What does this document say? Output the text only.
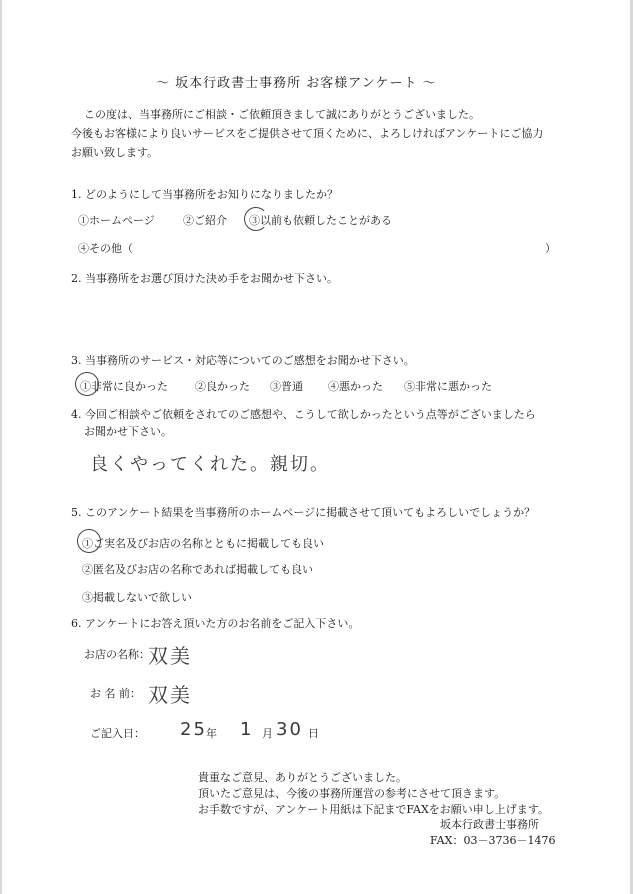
～ 坂本行政書士事務所 お客様アンケート ～
この度は、当事務所にご相談・ご依頼頂きまして誠にありがとうございました。
今後もお客様により良いサービスをご提供させて頂くために、よろしければアンケートにご協力
お願い致します。
1. どのようにして当事務所をお知りになりましたか？
①ホームページ	②ご紹介 ③以前も依頼したことがある
④その他（	）
2. 当事務所をお選び頂けた決め手をお聞かせ下さい。
3. 当事務所のサービス・対応等についてのご感想をお聞かせ下さい。
①非常に良かった ②良かった ③普通 ④悪かった ⑤非常に悪かった
4. 今回ご相談やご依頼をされてのご感想や、こうして欲しかったという点等がございましたら
お聞かせ下さい。
良くやってくれた。親切。
5. このアンケート結果を当事務所のホームページに掲載させて頂いてもよろしいでしょうか？
①ご実名及びお店の名称とともに掲載しても良い
②匿名及びお店の名称であれば掲載しても良い
③掲載しないで欲しい
6. アンケートにお答え頂いた方のお名前をご記入下さい。
お店の名称：
双美
お 名 前： 双美
ご記入日： 25 年 1 月 30 日
貴重なご意見、ありがとうございました。
頂いたご意見は、今後の事務所運営の参考にさせて頂きます。
お手数ですが、アンケート用紙は下記までFAXをお願い申し上げます。
坂本行政書士事務所
FAX：03－3736－1476
